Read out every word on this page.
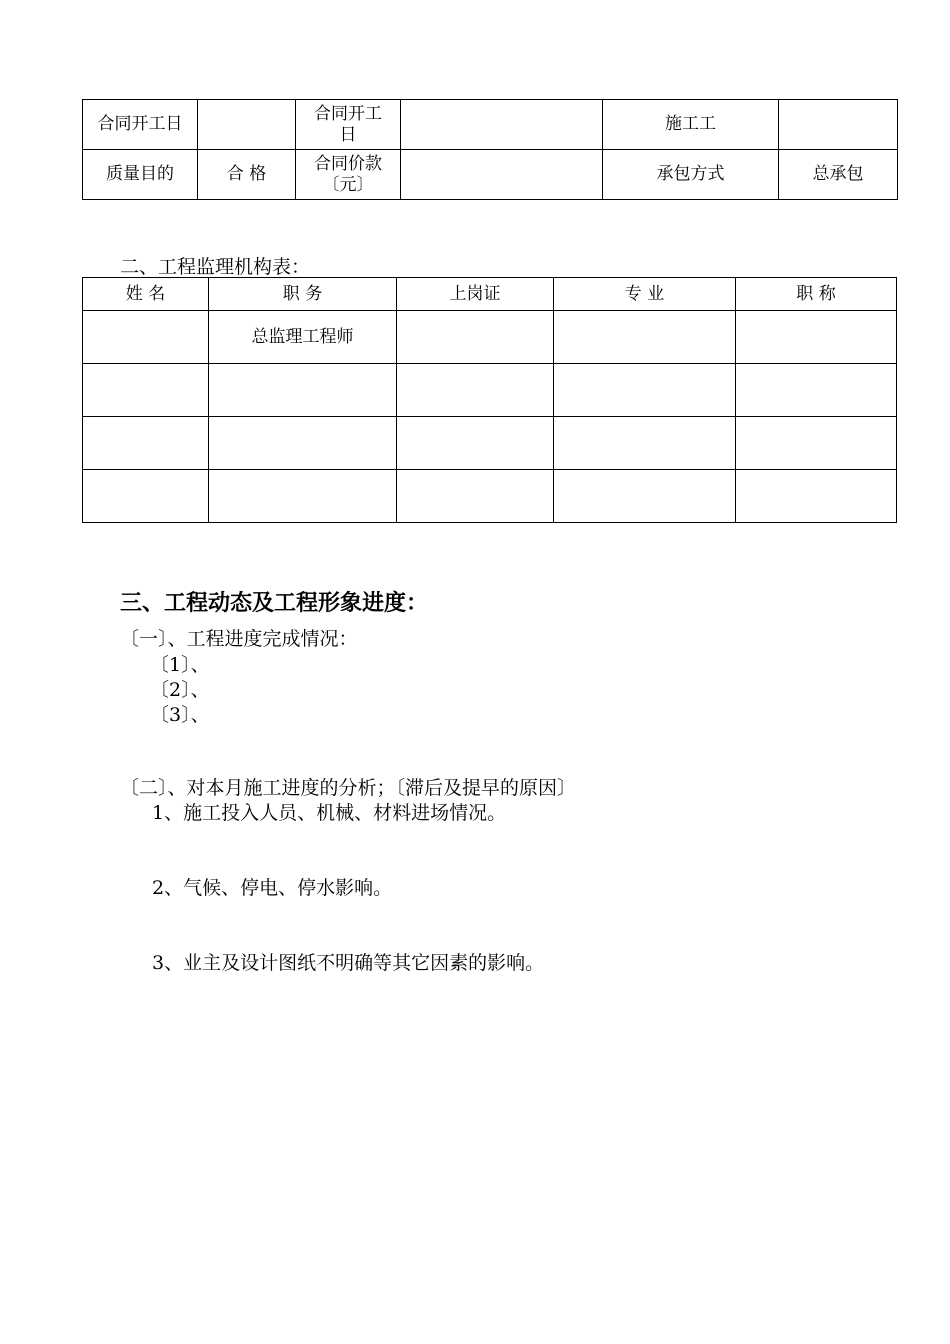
合同开工日		合同开工日		施工工	
质量目的	合 格	合同价款〔元〕		承包方式	总承包
二、工程监理机构表：
姓 名	职 务	上岗证	专 业	职 称
	总监理工程师			

三、工程动态及工程形象进度：
〔一〕、工程进度完成情况：
〔1〕、
〔2〕、
〔3〕、
〔二〕、对本月施工进度的分析；〔滞后及提早的原因〕
1、施工投入人员、机械、材料进场情况。
2、气候、停电、停水影响。
3、业主及设计图纸不明确等其它因素的影响。
